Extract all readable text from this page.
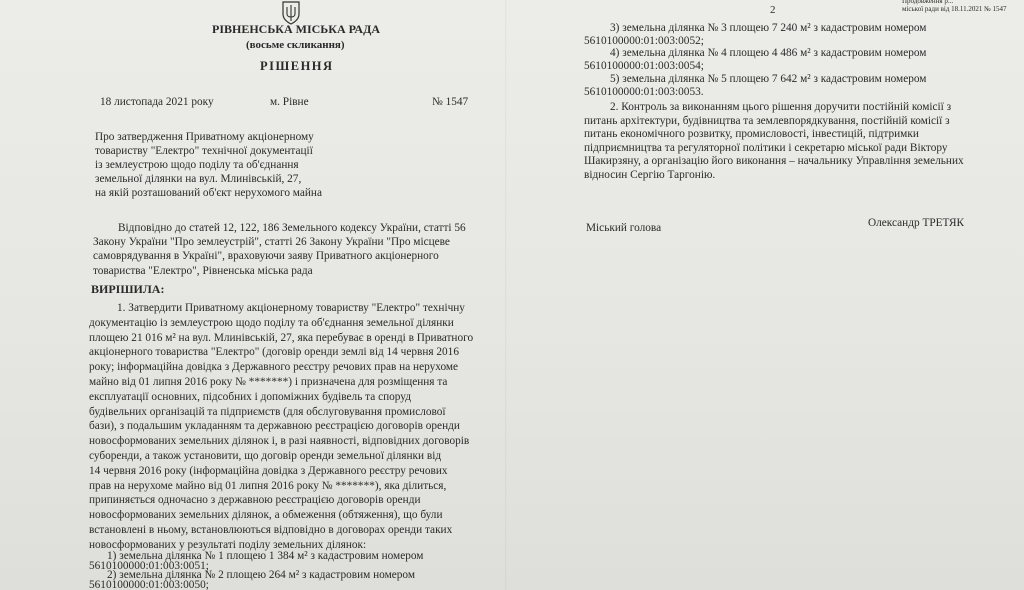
РІВНЕНСЬКА МІСЬКА РАДА
(восьме скликання)
РІШЕННЯ
18 листопада 2021 року	м. Рівне	№ 1547
Про затвердження Приватному акціонерному
товариству "Електро" технічної документації
із землеустрою щодо поділу та об'єднання
земельної ділянки на вул. Млинівській, 27,
на якій розташований об'єкт нерухомого майна
Відповідно до статей 12, 122, 186 Земельного кодексу України, статті 56
Закону України "Про землеустрій", статті 26 Закону України "Про місцеве
самоврядування в Україні", враховуючи заяву Приватного акціонерного
товариства "Електро", Рівненська міська рада
ВИРІШИЛА:
1. Затвердити Приватному акціонерному товариству "Електро" технічну
документацію із землеустрою щодо поділу та об'єднання земельної ділянки
площею 21 016 м² на вул. Млинівській, 27, яка перебуває в оренді в Приватного
акціонерного товариства "Електро" (договір оренди землі від 14 червня 2016
року; інформаційна довідка з Державного реєстру речових прав на нерухоме
майно від 01 липня 2016 року № *******) і призначена для розміщення та
експлуатації основних, підсобних і допоміжних будівель та споруд
будівельних організацій та підприємств (для обслуговування промислової
бази), з подальшим укладанням та державною реєстрацією договорів оренди
новосформованих земельних ділянок і, в разі наявності, відповідних договорів
суборенди, а також установити, що договір оренди земельної ділянки від
14 червня 2016 року (інформаційна довідка з Державного реєстру речових
прав на нерухоме майно від 01 липня 2016 року № *******), яка ділиться,
припиняється одночасно з державною реєстрацією договорів оренди
новосформованих земельних ділянок, а обмеження (обтяження), що були
встановлені в ньому, встановлюються відповідно в договорах оренди таких
новосформованих у результаті поділу земельних ділянок:
1) земельна ділянка № 1 площею 1 384 м² з кадастровим номером
5610100000:01:003:0051;
2) земельна ділянка № 2 площею 264 м² з кадастровим номером
5610100000:01:003:0050;
2
Продовження р...
міської ради від 18.11.2021 № 1547
3) земельна ділянка № 3 площею 7 240 м² з кадастровим номером
5610100000:01:003:0052;
4) земельна ділянка № 4 площею 4 486 м² з кадастровим номером
5610100000:01:003:0054;
5) земельна ділянка № 5 площею 7 642 м² з кадастровим номером
5610100000:01:003:0053.
2. Контроль за виконанням цього рішення доручити постійній комісії з
питань архітектури, будівництва та землевпорядкування, постійній комісії з
питань економічного розвитку, промисловості, інвестицій, підтримки
підприємництва та регуляторної політики і секретарю міської ради Віктору
Шакирзяну, а організацію його виконання – начальнику Управління земельних
відносин Сергію Таргонію.
Міський голова	Олександр ТРЕТЯК
